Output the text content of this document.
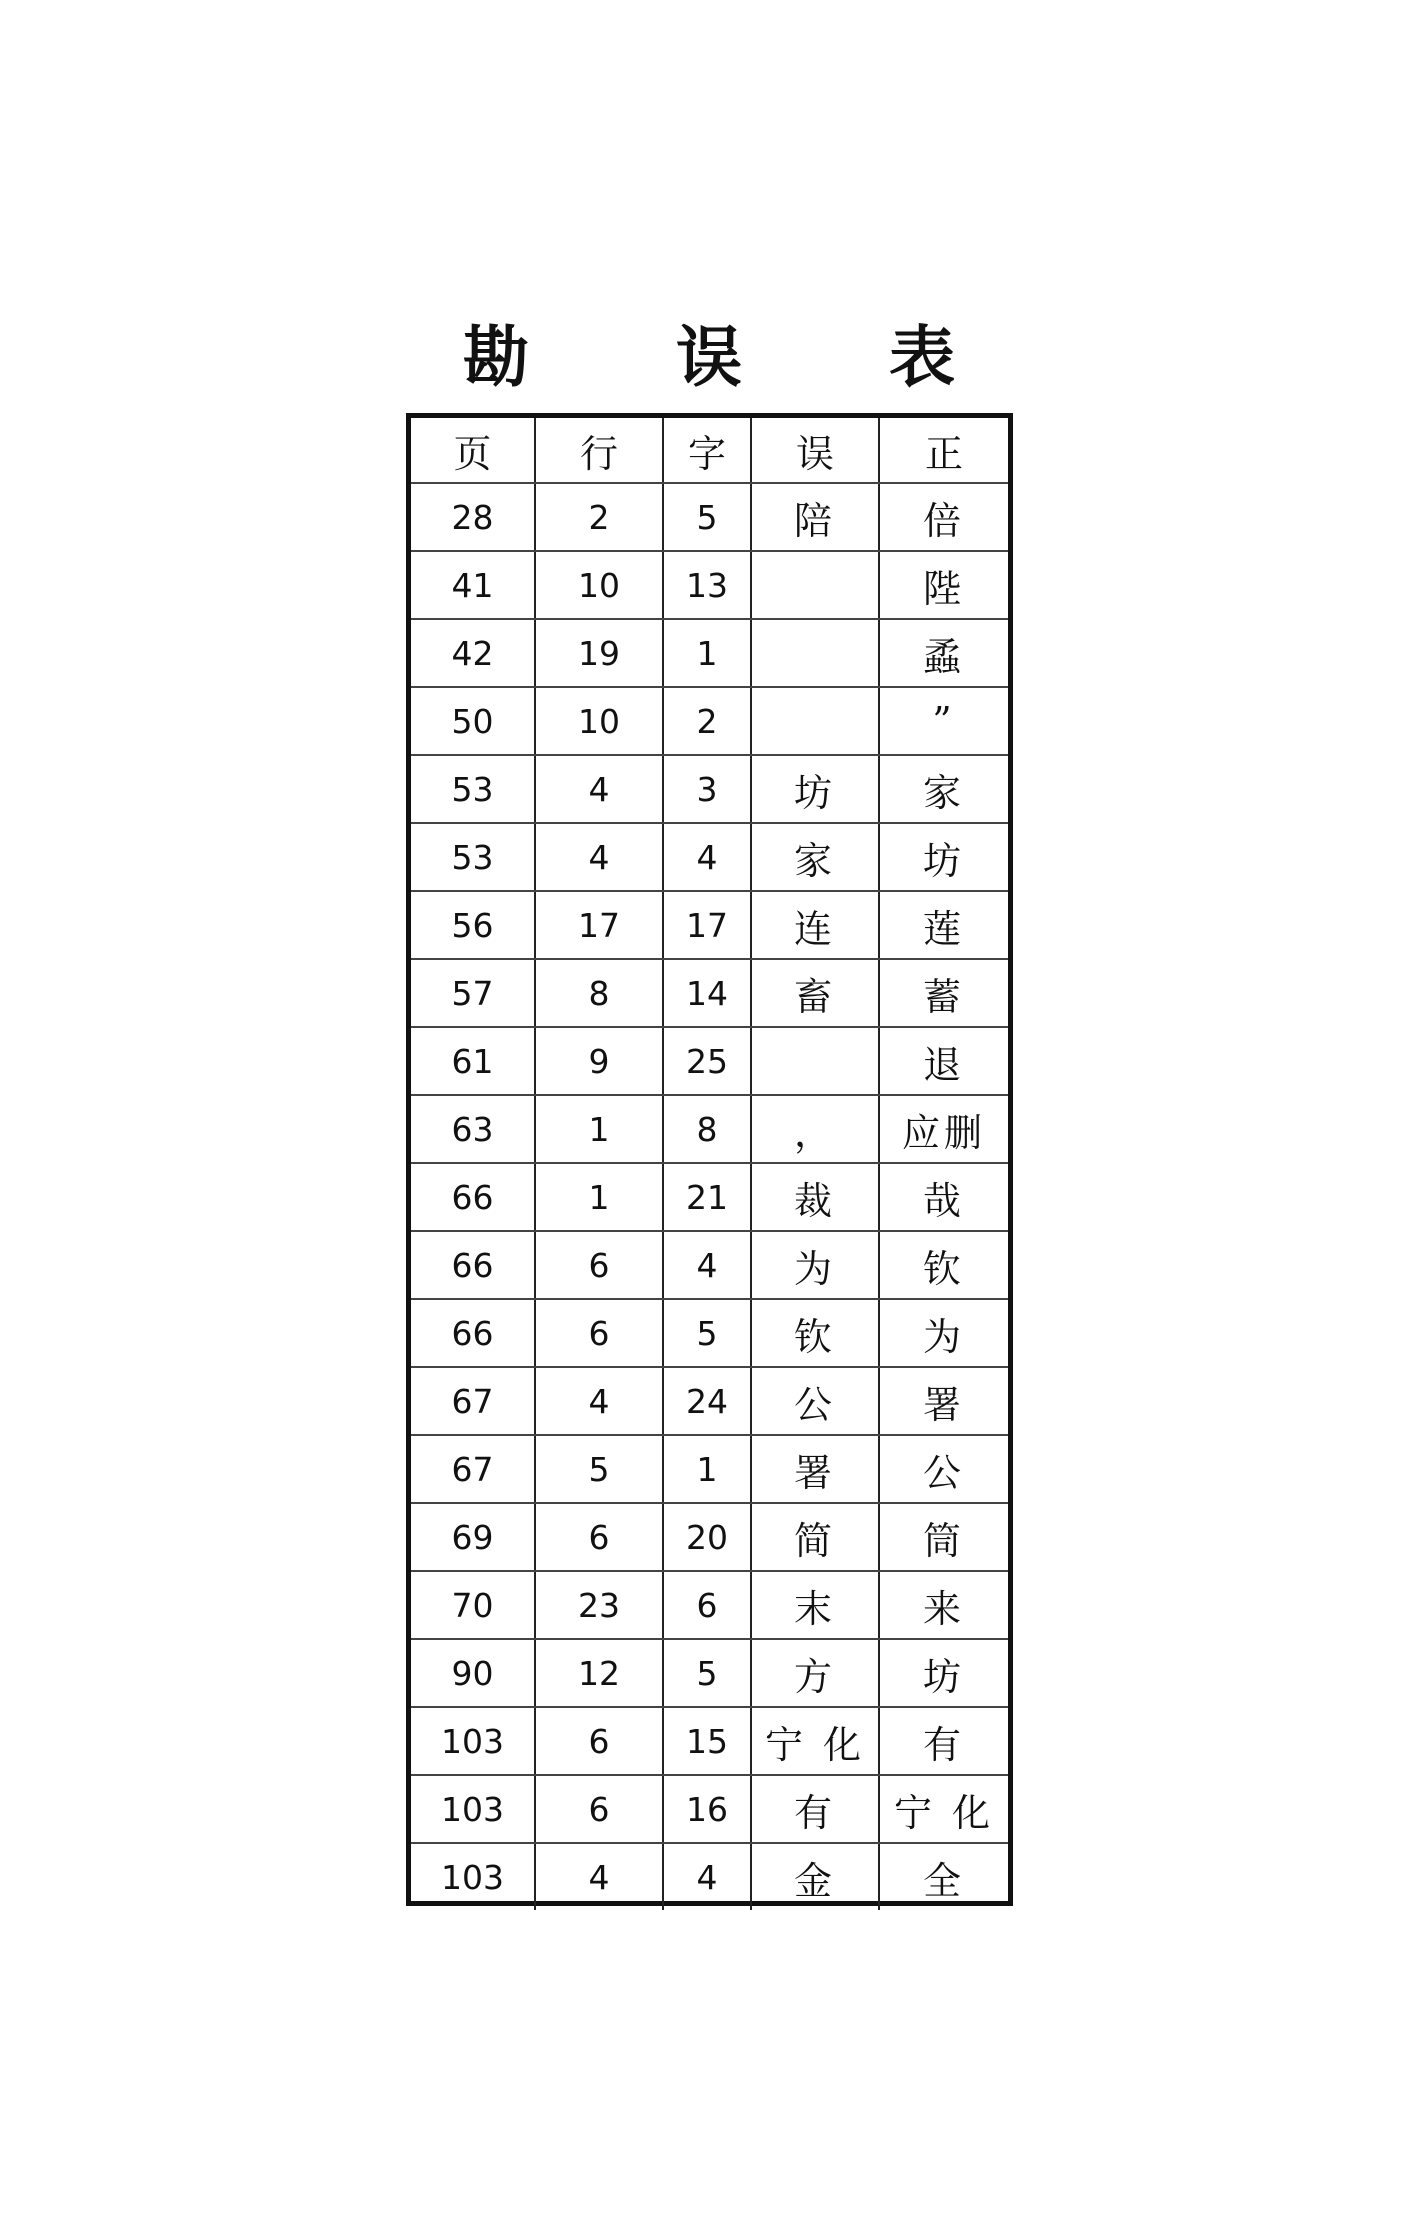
勘 误 表
页	行	字	误	正
28	2	5	陪	倍
41	10	13		陛
42	19	1		蟊
50	10	2		”
53	4	3	坊	家
53	4	4	家	坊
56	17	17	连	莲
57	8	14	畜	蓄
61	9	25		退
63	1	8	，	应删
66	1	21	裁	哉
66	6	4	为	钦
66	6	5	钦	为
67	4	24	公	署
67	5	1	署	公
69	6	20	简	筒
70	23	6	末	来
90	12	5	方	坊
103	6	15	宁 化	有
103	6	16	有	宁 化
103	4	4	金	全
